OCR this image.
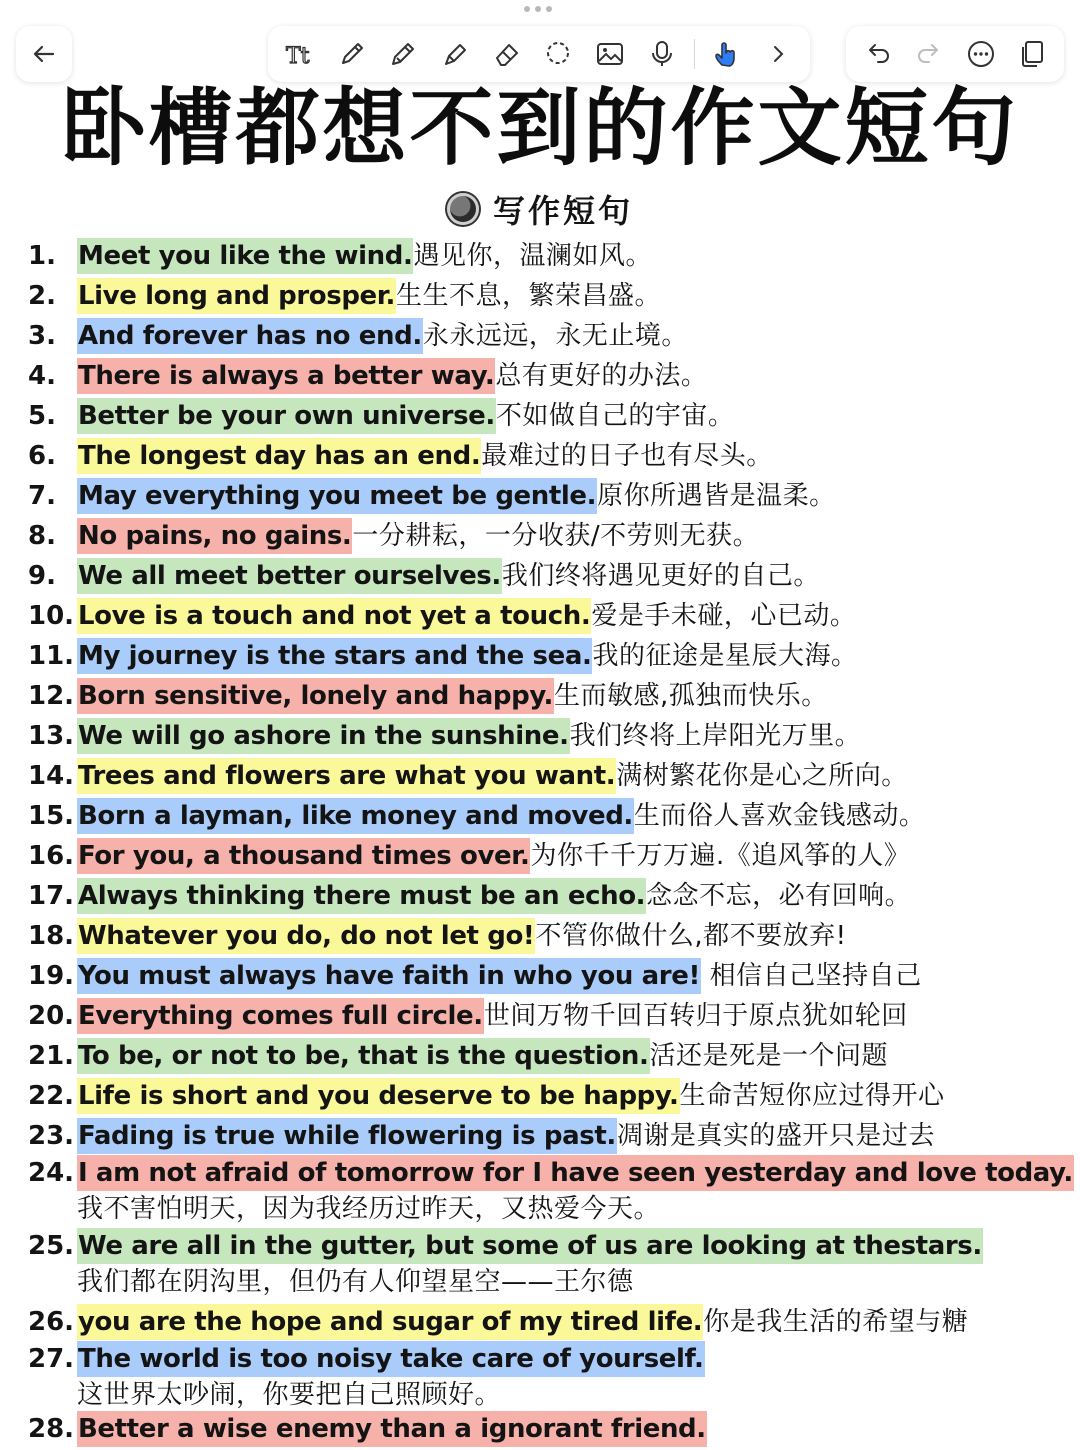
Tt
卧槽都想不到的作文短句
写作短句
1. Meet you like the wind.遇见你，温澜如风。
2. Live long and prosper.生生不息，繁荣昌盛。
3. And forever has no end.永永远远，永无止境。
4. There is always a better way.总有更好的办法。
5. Better be your own universe.不如做自己的宇宙。
6. The longest day has an end.最难过的日子也有尽头。
7. May everything you meet be gentle.原你所遇皆是温柔。
8. No pains, no gains.一分耕耘，一分收获/不劳则无获。
9. We all meet better ourselves.我们终将遇见更好的自己。
10. Love is a touch and not yet a touch.爱是手未碰，心已动。
11. My journey is the stars and the sea.我的征途是星辰大海。
12. Born sensitive, lonely and happy.生而敏感,孤独而快乐。
13. We will go ashore in the sunshine.我们终将上岸阳光万里。
14. Trees and flowers are what you want.满树繁花你是心之所向。
15. Born a layman, like money and moved.生而俗人喜欢金钱感动。
16. For you, a thousand times over.为你千千万万遍.《追风筝的人》
17. Always thinking there must be an echo.念念不忘，必有回响。
18. Whatever you do, do not let go!不管你做什么,都不要放弃!
19. You must always have faith in who you are! 相信自己坚持自己
20. Everything comes full circle.世间万物千回百转归于原点犹如轮回
21. To be, or not to be, that is the question.活还是死是一个问题
22. Life is short and you deserve to be happy.生命苦短你应过得开心
23. Fading is true while flowering is past.凋谢是真实的盛开只是过去
24. I am not afraid of tomorrow for I have seen yesterday and love today.
我不害怕明天，因为我经历过昨天，又热爱今天。
25. We are all in the gutter, but some of us are looking at thestars.
我们都在阴沟里，但仍有人仰望星空——王尔德
26. you are the hope and sugar of my tired life.你是我生活的希望与糖
27. The world is too noisy take care of yourself.
这世界太吵闹，你要把自己照顾好。
28. Better a wise enemy than a ignorant friend.
